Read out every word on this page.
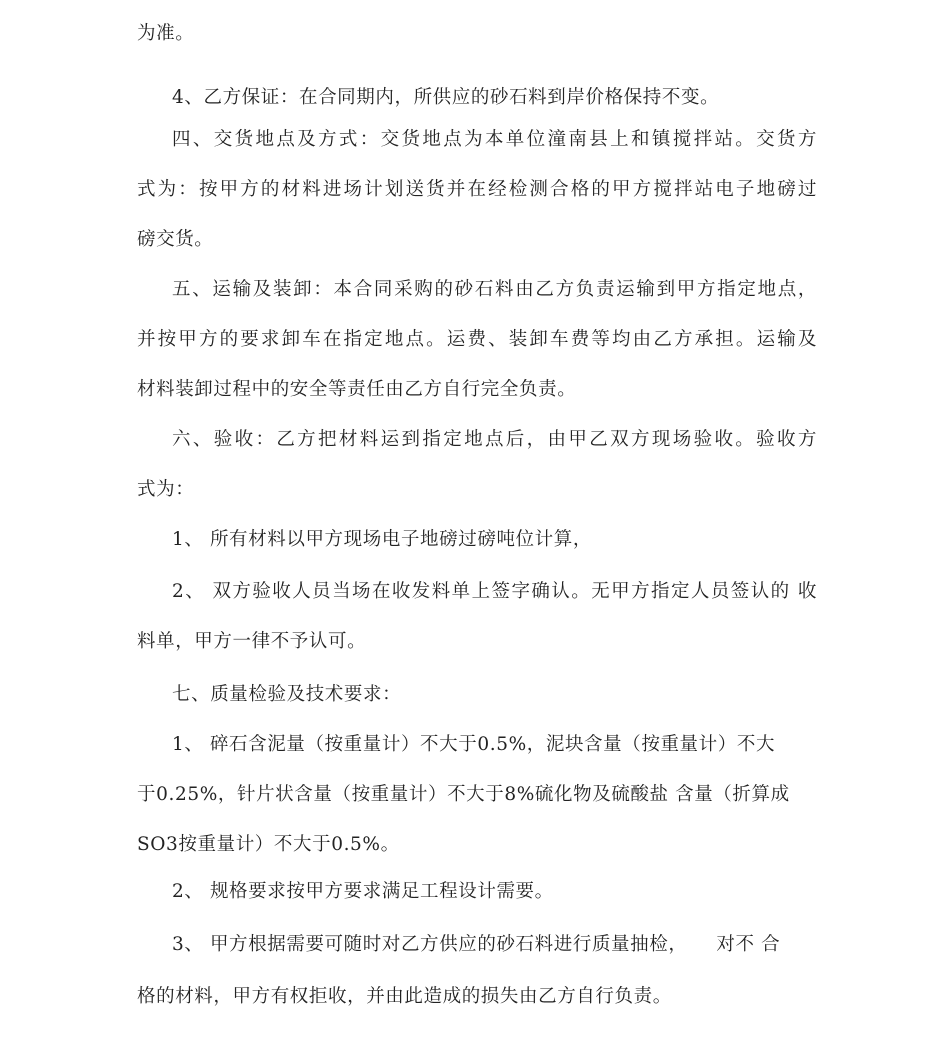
为准。
4、乙方保证：在合同期内，所供应的砂石料到岸价格保持不变。
四、交货地点及方式：交货地点为本单位潼南县上和镇搅拌站。交货方
式为：按甲方的材料进场计划送货并在经检测合格的甲方搅拌站电子地磅过
磅交货。
五、运输及装卸：本合同采购的砂石料由乙方负责运输到甲方指定地点，
并按甲方的要求卸车在指定地点。运费、装卸车费等均由乙方承担。运输及
材料装卸过程中的安全等责任由乙方自行完全负责。
六、验收：乙方把材料运到指定地点后，由甲乙双方现场验收。验收方
式为：
1、 所有材料以甲方现场电子地磅过磅吨位计算，
2、 双方验收人员当场在收发料单上签字确认。无甲方指定人员签认的 收
料单，甲方一律不予认可。
七、质量检验及技术要求：
1、 碎石含泥量（按重量计）不大于0.5%，泥块含量（按重量计）不大
于0.25%，针片状含量（按重量计）不大于8%硫化物及硫酸盐 含量（折算成
SO3按重量计）不大于0.5%。
2、 规格要求按甲方要求满足工程设计需要。
3、 甲方根据需要可随时对乙方供应的砂石料进行质量抽检，　　对不 合
格的材料，甲方有权拒收，并由此造成的损失由乙方自行负责。
